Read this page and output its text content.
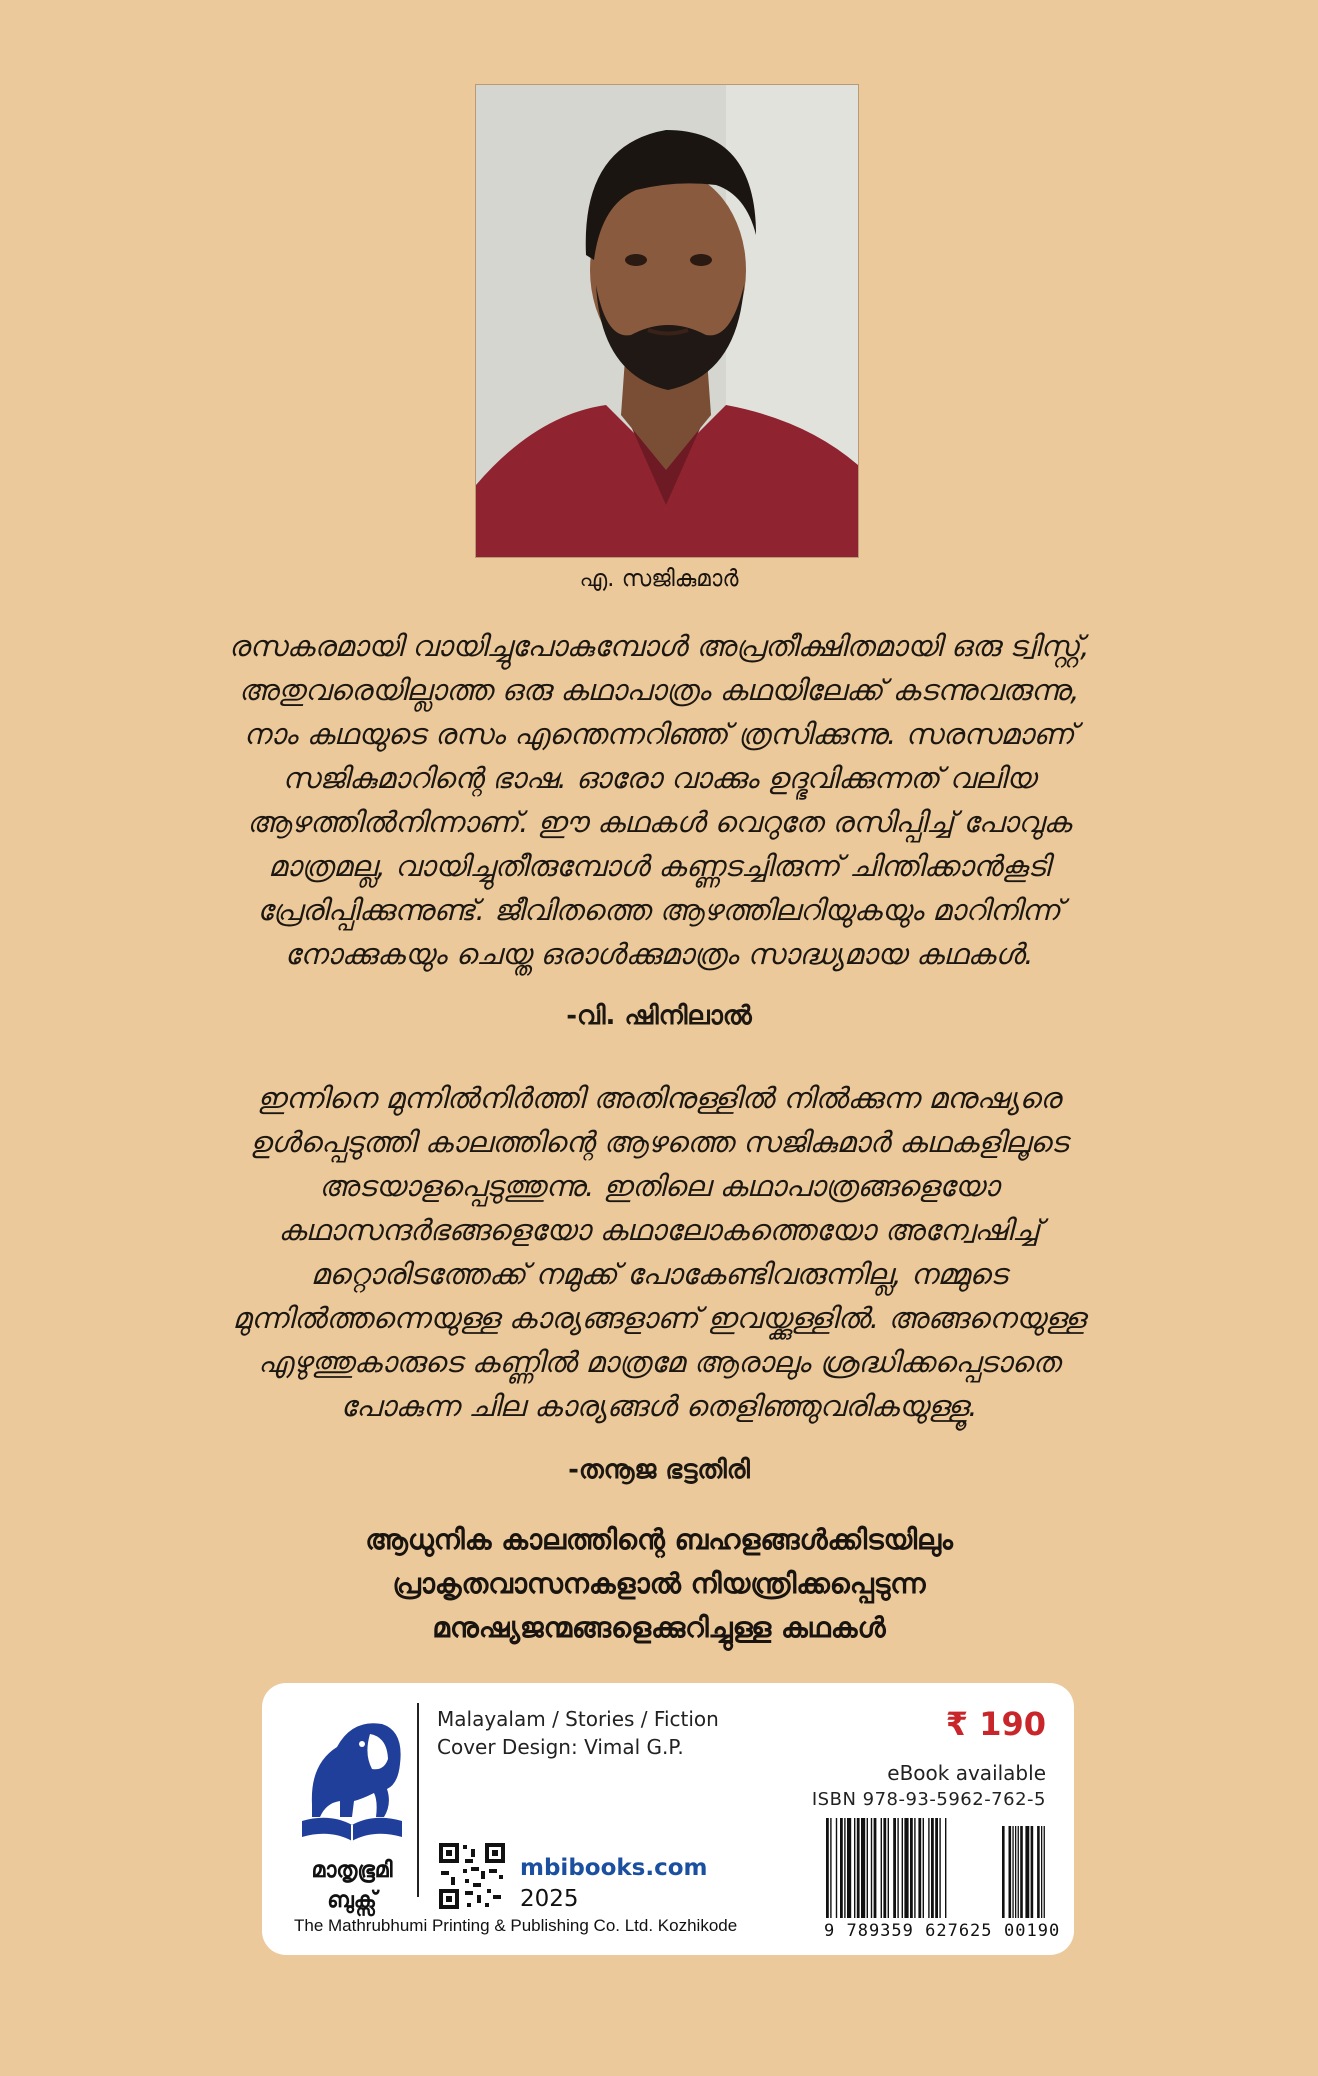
എ. സജികുമാർ
രസകരമായി വായിച്ചുപോകുമ്പോൾ അപ്രതീക്ഷിതമായി ഒരു ട്വിസ്റ്റ്,
അതുവരെയില്ലാത്ത ഒരു കഥാപാത്രം കഥയിലേക്ക് കടന്നുവരുന്നു,
നാം കഥയുടെ രസം എന്തെന്നറിഞ്ഞ് ത്രസിക്കുന്നു. സരസമാണ്
സജികുമാറിന്റെ ഭാഷ. ഓരോ വാക്കും ഉദ്ഭവിക്കുന്നത് വലിയ
ആഴത്തിൽനിന്നാണ്. ഈ കഥകൾ വെറുതേ രസിപ്പിച്ച് പോവുക
മാത്രമല്ല, വായിച്ചുതീരുമ്പോൾ കണ്ണടച്ചിരുന്ന് ചിന്തിക്കാൻകൂടി
പ്രേരിപ്പിക്കുന്നുണ്ട്. ജീവിതത്തെ ആഴത്തിലറിയുകയും മാറിനിന്ന്
നോക്കുകയും ചെയ്ത ഒരാൾക്കുമാത്രം സാദ്ധ്യമായ കഥകൾ.
-വി. ഷിനിലാൽ
ഇന്നിനെ മുന്നിൽനിർത്തി അതിനുള്ളിൽ നിൽക്കുന്ന മനുഷ്യരെ
ഉൾപ്പെടുത്തി കാലത്തിന്റെ ആഴത്തെ സജികുമാർ കഥകളിലൂടെ
അടയാളപ്പെടുത്തുന്നു. ഇതിലെ കഥാപാത്രങ്ങളെയോ
കഥാസന്ദർഭങ്ങളെയോ കഥാലോകത്തെയോ അന്വേഷിച്ച്
മറ്റൊരിടത്തേക്ക് നമുക്ക് പോകേണ്ടിവരുന്നില്ല, നമ്മുടെ
മുന്നിൽത്തന്നെയുള്ള കാര്യങ്ങളാണ് ഇവയ്ക്കുള്ളിൽ. അങ്ങനെയുള്ള
എഴുത്തുകാരുടെ കണ്ണിൽ മാത്രമേ ആരാലും ശ്രദ്ധിക്കപ്പെടാതെ
പോകുന്ന ചില കാര്യങ്ങൾ തെളിഞ്ഞുവരികയുള്ളൂ.
-തനൂജ ഭട്ടതിരി
ആധുനിക കാലത്തിന്റെ ബഹളങ്ങൾക്കിടയിലും
പ്രാകൃതവാസനകളാൽ നിയന്ത്രിക്കപ്പെടുന്ന
മനുഷ്യജന്മങ്ങളെക്കുറിച്ചുള്ള കഥകൾ
മാതൃഭൂമി
ബുക്സ്
Malayalam / Stories / Fiction
Cover Design: Vimal G.P.
mbibooks.com
2025
The Mathrubhumi Printing & Publishing Co. Ltd. Kozhikode
₹ 190
eBook available
ISBN 978-93-5962-762-5
9 789359 627625 00190
